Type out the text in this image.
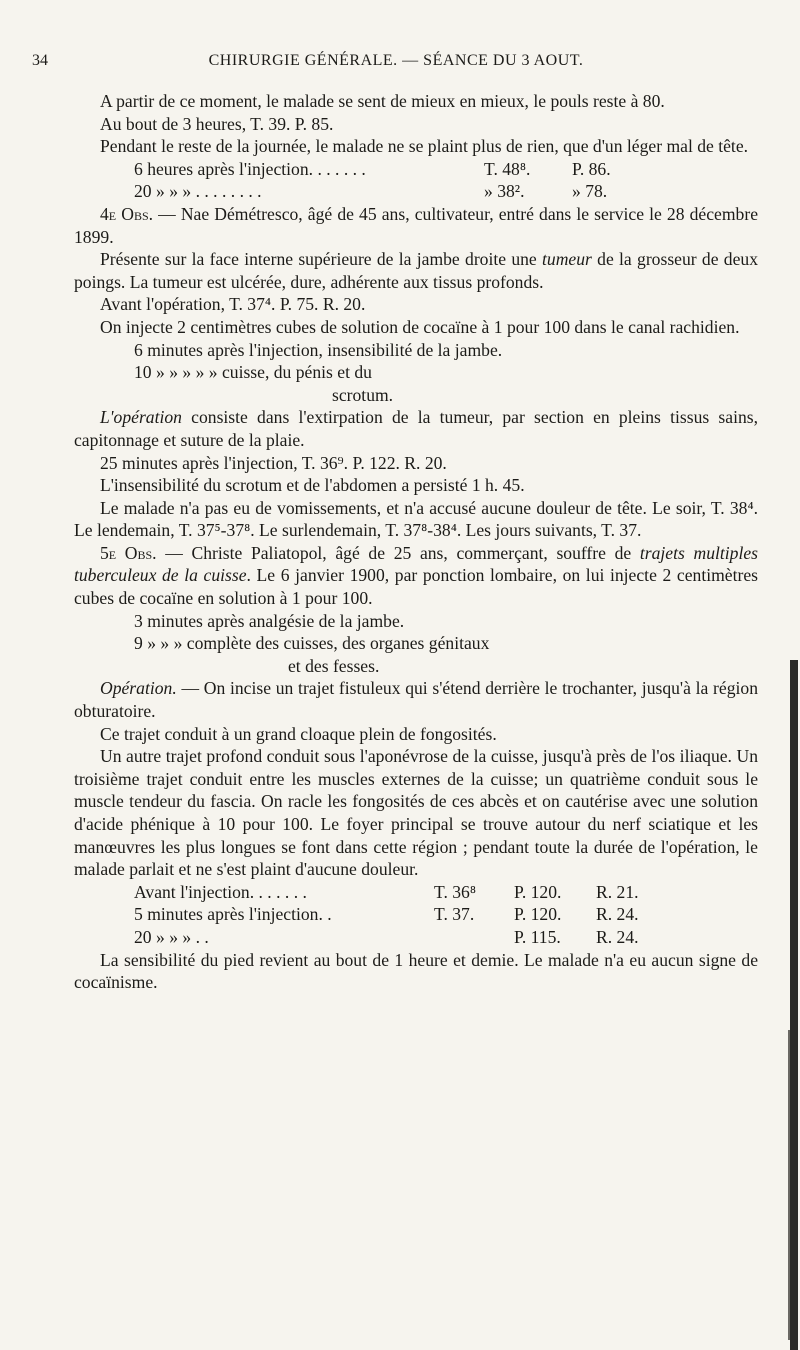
34	CHIRURGIE GÉNÉRALE. — SÉANCE DU 3 AOUT.

A partir de ce moment, le malade se sent de mieux en mieux, le pouls reste à 80.

Au bout de 3 heures, T. 39. P. 85.

Pendant le reste de la journée, le malade ne se plaint plus de rien, que d'un léger mal de tête.

6 heures après l'injection. . . . . . .	T. 48⁸. P. 86.
20 » » » . . . . . . . .	» 38².	» 78.

4e Obs. — Nae Démétresco, âgé de 45 ans, cultivateur, entré dans le service le 28 décembre 1899.

Présente sur la face interne supérieure de la jambe droite une tumeur de la grosseur de deux poings. La tumeur est ulcérée, dure, adhérente aux tissus profonds.

Avant l'opération, T. 37⁴. P. 75. R. 20.

On injecte 2 centimètres cubes de solution de cocaïne à 1 pour 100 dans le canal rachidien.

6 minutes après l'injection, insensibilité de la jambe.

10 » » » » » cuisse, du pénis et du

scrotum.

L'opération consiste dans l'extirpation de la tumeur, par section en pleins tissus sains, capitonnage et suture de la plaie.

25 minutes après l'injection, T. 36⁹. P. 122. R. 20.

L'insensibilité du scrotum et de l'abdomen a persisté 1 h. 45.

Le malade n'a pas eu de vomissements, et n'a accusé aucune douleur de tête. Le soir, T. 38⁴. Le lendemain, T. 37⁵-37⁸. Le surlendemain, T. 37⁸-38⁴. Les jours suivants, T. 37.

5e Obs. — Christe Paliatopol, âgé de 25 ans, commerçant, souffre de trajets multiples tuberculeux de la cuisse. Le 6 janvier 1900, par ponction lombaire, on lui injecte 2 centimètres cubes de cocaïne en solution à 1 pour 100.

3 minutes après analgésie de la jambe.

9 » » » complète des cuisses, des organes génitaux

et des fesses.

Opération. — On incise un trajet fistuleux qui s'étend derrière le trochanter, jusqu'à la région obturatoire.

Ce trajet conduit à un grand cloaque plein de fongosités.

Un autre trajet profond conduit sous l'aponévrose de la cuisse, jusqu'à près de l'os iliaque. Un troisième trajet conduit entre les muscles externes de la cuisse; un quatrième conduit sous le muscle tendeur du fascia. On racle les fongosités de ces abcès et on cautérise avec une solution d'acide phénique à 10 pour 100. Le foyer principal se trouve autour du nerf sciatique et les manœuvres les plus longues se font dans cette région ; pendant toute la durée de l'opération, le malade parlait et ne s'est plaint d'aucune douleur.

Avant l'injection. . . . . . .	T. 36⁸ P. 120. R. 21.
5 minutes après l'injection. .	T. 37. P. 120. R. 24.
20 » » » . .	P. 115. R. 24.

La sensibilité du pied revient au bout de 1 heure et demie. Le malade n'a eu aucun signe de cocaïnisme.
